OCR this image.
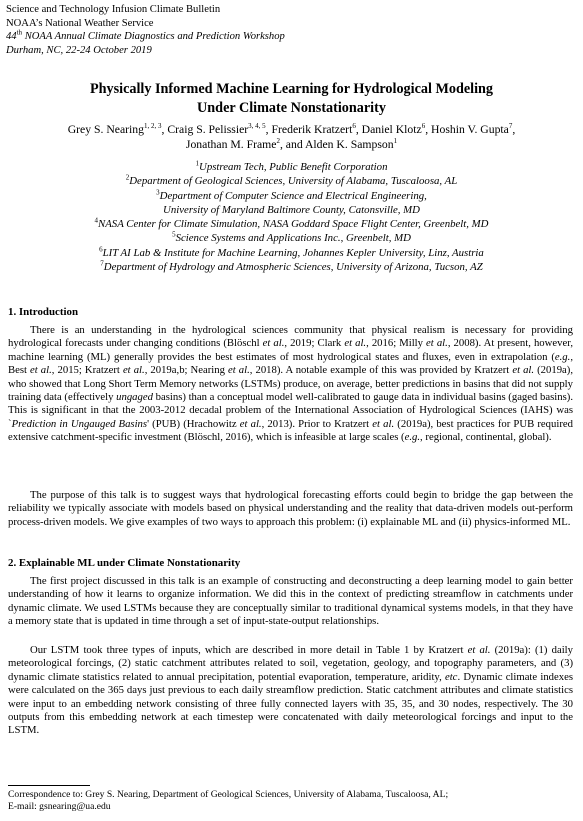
Science and Technology Infusion Climate Bulletin
NOAA’s National Weather Service
44th NOAA Annual Climate Diagnostics and Prediction Workshop
Durham, NC, 22-24 October 2019
Physically Informed Machine Learning for Hydrological Modeling
Under Climate Nonstationarity
Grey S. Nearing$^{1, 2, 3}$, Craig S. Pelissier$^{3, 4, 5}$, Frederik Kratzert$^6$, Daniel Klotz$^6$, Hoshin V. Gupta$^7$,
Jonathan M. Frame$^2$, and Alden K. Sampson$^1$
$^1$Upstream Tech, Public Benefit Corporation
$^2$Department of Geological Sciences, University of Alabama, Tuscaloosa, AL
$^3$Department of Computer Science and Electrical Engineering,
University of Maryland Baltimore County, Catonsville, MD
$^4$NASA Center for Climate Simulation, NASA Goddard Space Flight Center, Greenbelt, MD
$^5$Science Systems and Applications Inc., Greenbelt, MD
$^6$LIT AI Lab & Institute for Machine Learning, Johannes Kepler University, Linz, Austria
$^7$Department of Hydrology and Atmospheric Sciences, University of Arizona, Tucson, AZ
1. Introduction

There is an understanding in the hydrological sciences community that physical realism is necessary for providing hydrological forecasts under changing conditions (Blöschl et al., 2019; Clark et al., 2016; Milly et al., 2008). At present, however, machine learning (ML) generally provides the best estimates of most hydrological states and fluxes, even in extrapolation (e.g., Best et al., 2015; Kratzert et al., 2019a,b; Nearing et al., 2018). A notable example of this was provided by Kratzert et al. (2019a), who showed that Long Short Term Memory networks (LSTMs) produce, on average, better predictions in basins that did not supply training data (effectively ungaged basins) than a conceptual model well-calibrated to gauge data in individual basins (gaged basins). This is significant in that the 2003-2012 decadal problem of the International Association of Hydrological Sciences (IAHS) was `Prediction in Ungauged Basins' (PUB) (Hrachowitz et al., 2013). Prior to Kratzert et al. (2019a), best practices for PUB required extensive catchment-specific investment (Blöschl, 2016), which is infeasible at large scales (e.g., regional, continental, global).

The purpose of this talk is to suggest ways that hydrological forecasting efforts could begin to bridge the gap between the reliability we typically associate with models based on physical understanding and the reality that data-driven models out-perform process-driven models. We give examples of two ways to approach this problem: (i) explainable ML and (ii) physics-informed ML.

2. Explainable ML under Climate Nonstationarity

The first project discussed in this talk is an example of constructing and deconstructing a deep learning model to gain better understanding of how it learns to organize information. We did this in the context of predicting streamflow in catchments under dynamic climate. We used LSTMs because they are conceptually similar to traditional dynamical systems models, in that they have a memory state that is updated in time through a set of input-state-output relationships.

Our LSTM took three types of inputs, which are described in more detail in Table 1 by Kratzert et al. (2019a): (1) daily meteorological forcings, (2) static catchment attributes related to soil, vegetation, geology, and topography parameters, and (3) dynamic climate statistics related to annual precipitation, potential evaporation, temperature, aridity, etc. Dynamic climate indexes were calculated on the 365 days just previous to each daily streamflow prediction. Static catchment attributes and climate statistics were input to an embedding network consisting of three fully connected layers with 35, 35, and 30 nodes, respectively. The 30 outputs from this embedding network at each timestep were concatenated with daily meteorological forcings and input to the LSTM.

Correspondence to: Grey S. Nearing, Department of Geological Sciences, University of Alabama, Tuscaloosa, AL;
E-mail: gsnearing@ua.edu
